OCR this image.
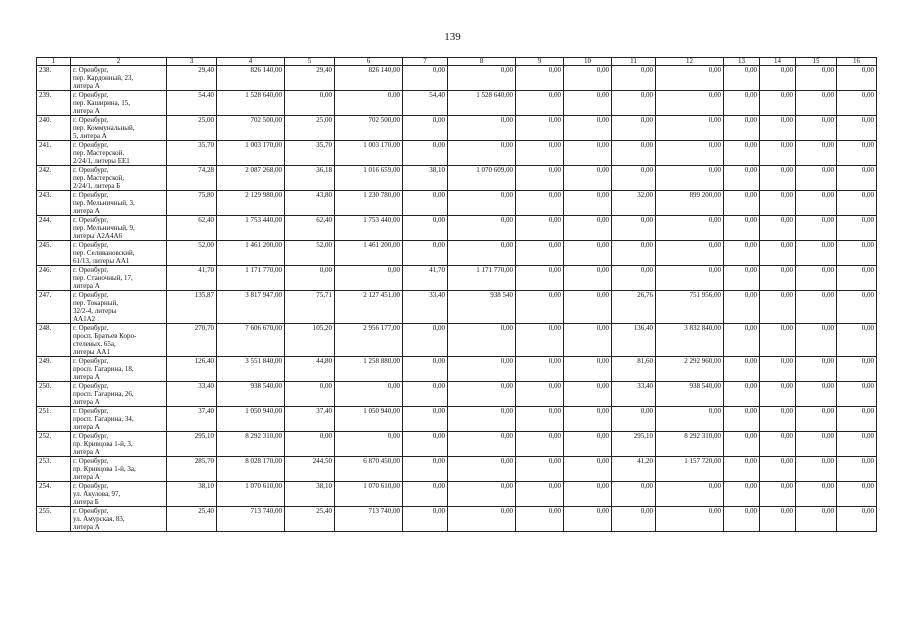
139
1	2	3	4	5	6	7	8	9	10	11	12	13	14	15	16
238.	г. Оренбург,
пер. Кардонный, 23,
литера А	29,40	826 140,00	29,40	826 140,00	0,00	0,00	0,00	0,00	0,00	0,00	0,00	0,00	0,00	0,00
239.	г. Оренбург,
пер. Каширина, 15,
литера А	54,40	1 528 640,00	0,00	0,00	54,40	1 528 640,00	0,00	0,00	0,00	0,00	0,00	0,00	0,00	0,00
240.	г. Оренбург,
пер. Коммунальный,
5, литера А	25,00	702 500,00	25,00	702 500,00	0,00	0,00	0,00	0,00	0,00	0,00	0,00	0,00	0,00	0,00
241.	г. Оренбург,
пер. Мастерской,
2/24/1, литеры ЕЕ1	35,70	1 003 170,00	35,70	1 003 170,00	0,00	0,00	0,00	0,00	0,00	0,00	0,00	0,00	0,00	0,00
242.	г. Оренбург,
пер. Мастерской,
2/24/1, литера Б	74,28	2 087 268,00	36,18	1 016 659,00	38,10	1 070 609,00	0,00	0,00	0,00	0,00	0,00	0,00	0,00	0,00
243.	г. Оренбург,
пер. Мельничный, 3,
литера А	75,80	2 129 980,00	43,80	1 230 780,00	0,00	0,00	0,00	0,00	32,00	899 200,00	0,00	0,00	0,00	0,00
244.	г. Оренбург,
пер. Мельничный, 9,
литеры А2А4А6	62,40	1 753 440,00	62,40	1 753 440,00	0,00	0,00	0,00	0,00	0,00	0,00	0,00	0,00	0,00	0,00
245.	г. Оренбург,
пер. Селивановский,
61/13, литеры АА1	52,00	1 461 200,00	52,00	1 461 200,00	0,00	0,00	0,00	0,00	0,00	0,00	0,00	0,00	0,00	0,00
246.	г. Оренбург,
пер. Станочный, 17,
литера А	41,70	1 171 770,00	0,00	0,00	41,70	1 171 770,00	0,00	0,00	0,00	0,00	0,00	0,00	0,00	0,00
247.	г. Оренбург,
пер. Токарный,
32/2-4, литеры
АА1А2	135,87	3 817 947,00	75,71	2 127 451,00	33,40	938 540	0,00	0,00	26,76	751 956,00	0,00	0,00	0,00	0,00
248.	г. Оренбург,
просп. Братьев Коро-
стелевых, 65а,
литеры АА1	270,70	7 606 670,00	105,20	2 956 177,00	0,00	0,00	0,00	0,00	136,40	3 832 840,00	0,00	0,00	0,00	0,00
249.	г. Оренбург,
просп. Гагарина, 18,
литера А	126,40	3 551 840,00	44,80	1 258 880,00	0,00	0,00	0,00	0,00	81,60	2 292 960,00	0,00	0,00	0,00	0,00
250.	г. Оренбург,
просп. Гагарина, 26,
литера А	33,40	938 540,00	0,00	0,00	0,00	0,00	0,00	0,00	33,40	938 540,00	0,00	0,00	0,00	0,00
251.	г. Оренбург,
просп. Гагарина, 34,
литера А	37,40	1 050 940,00	37,40	1 050 940,00	0,00	0,00	0,00	0,00	0,00	0,00	0,00	0,00	0,00	0,00
252.	г. Оренбург,
пр. Кривцова 1-й, 3,
литера А	295,10	8 292 310,00	0,00	0,00	0,00	0,00	0,00	0,00	295,10	8 292 310,00	0,00	0,00	0,00	0,00
253.	г. Оренбург,
пр. Кривцова 1-й, 3а,
литера А	285,70	8 028 170,00	244,50	6 870 450,00	0,00	0,00	0,00	0,00	41,20	1 157 720,00	0,00	0,00	0,00	0,00
254.	г. Оренбург,
ул. Акулова, 97,
литера Б	38,10	1 070 610,00	38,10	1 070 610,00	0,00	0,00	0,00	0,00	0,00	0,00	0,00	0,00	0,00	0,00
255.	г. Оренбург,
ул. Амурская, 83,
литера А	25,40	713 740,00	25,40	713 740,00	0,00	0,00	0,00	0,00	0,00	0,00	0,00	0,00	0,00	0,00
